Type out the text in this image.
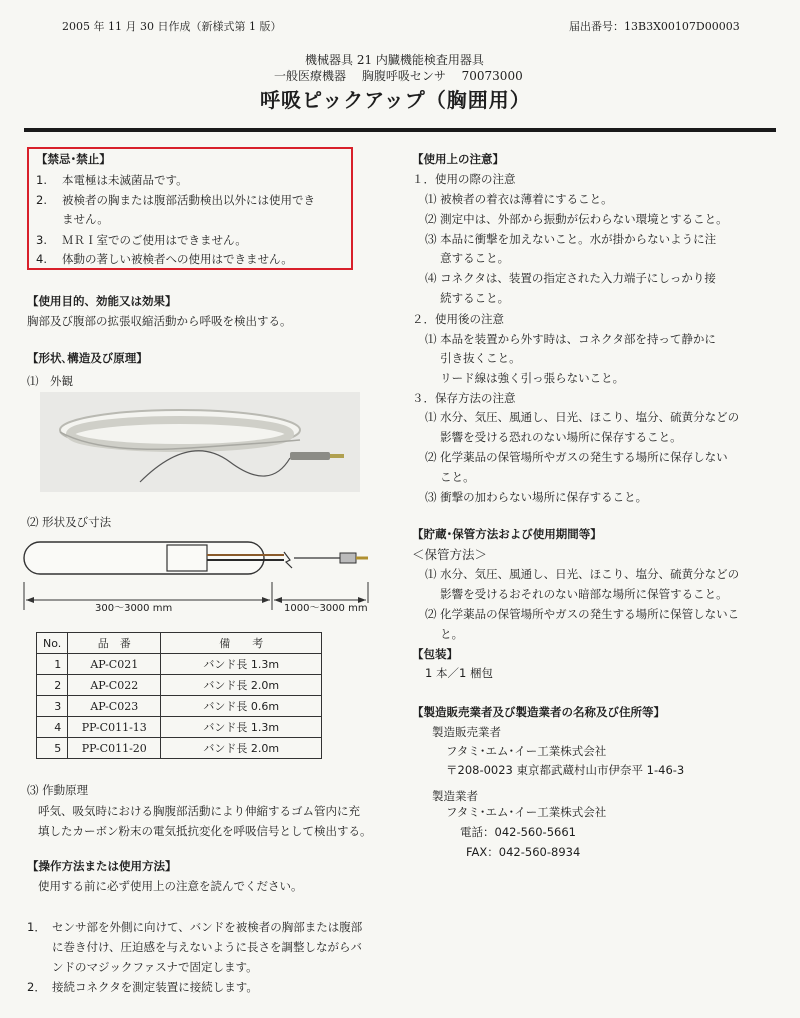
2005 年 11 月 30 日作成（新様式第 1 版）	届出番号：13B3X00107D00003
機械器具 21 内臓機能検査用器具
一般医療機器　 胸腹呼吸センサ　 70073000
呼吸ピックアップ（胸囲用）
【禁忌･禁止】
1. 本電極は未滅菌品です。
2. 被検者の胸または腹部活動検出以外には使用でき
ません。
3. ＭＲＩ室でのご使用はできません。
4. 体動の著しい被検者への使用はできません。
【使用目的、効能又は効果】
胸部及び腹部の拡張収縮活動から呼吸を検出する。
【形状､構造及び原理】
⑴　外観
⑵ 形状及び寸法
300～3000 mm	1000～3000 mm
No.	品　番	備　　考
1	AP-C021	バンド長 1.3m
2	AP-C022	バンド長 2.0m
3	AP-C023	バンド長 0.6m
4	PP-C011-13	バンド長 1.3m
5	PP-C011-20	バンド長 2.0m
⑶ 作動原理
呼気、吸気時における胸腹部活動により伸縮するゴム管内に充
填したカーボン粉末の電気抵抗変化を呼吸信号として検出する。
【操作方法または使用方法】
使用する前に必ず使用上の注意を読んでください。
1． センサ部を外側に向けて、バンドを被検者の胸部または腹部
に巻き付け、圧迫感を与えないように長さを調整しながらバ
ンドのマジックファスナで固定します。
2． 接続コネクタを測定装置に接続します。
【使用上の注意】
１．使用の際の注意
⑴ 被検者の着衣は薄着にすること。
⑵ 測定中は、外部から振動が伝わらない環境とすること。
⑶ 本品に衝撃を加えないこと。水が掛からないように注
　 意すること。
⑷ コネクタは、装置の指定された入力端子にしっかり接
　 続すること。
２．使用後の注意
⑴ 本品を装置から外す時は、コネクタ部を持って静かに
　 引き抜くこと。
　 リード線は強く引っ張らないこと。
３．保存方法の注意
⑴ 水分、気圧、風通し、日光、ほこり、塩分、硫黄分などの
　 影響を受ける恐れのない場所に保存すること。
⑵ 化学薬品の保管場所やガスの発生する場所に保存しない
　 こと。
⑶ 衝撃の加わらない場所に保存すること。
【貯蔵･保管方法および使用期間等】
＜保管方法＞
⑴ 水分、気圧、風通し、日光、ほこり、塩分、硫黄分などの
　 影響を受けるおそれのない暗部な場所に保管すること。
⑵ 化学薬品の保管場所やガスの発生する場所に保管しないこ
　 と。
【包装】
1 本／1 梱包
【製造販売業者及び製造業者の名称及び住所等】
製造販売業者
フタミ･エム･イー工業株式会社
〒208-0023 東京都武蔵村山市伊奈平 1-46-3
製造業者
フタミ･エム･イー工業株式会社
電話：042-560-5661
FAX：042-560-8934
